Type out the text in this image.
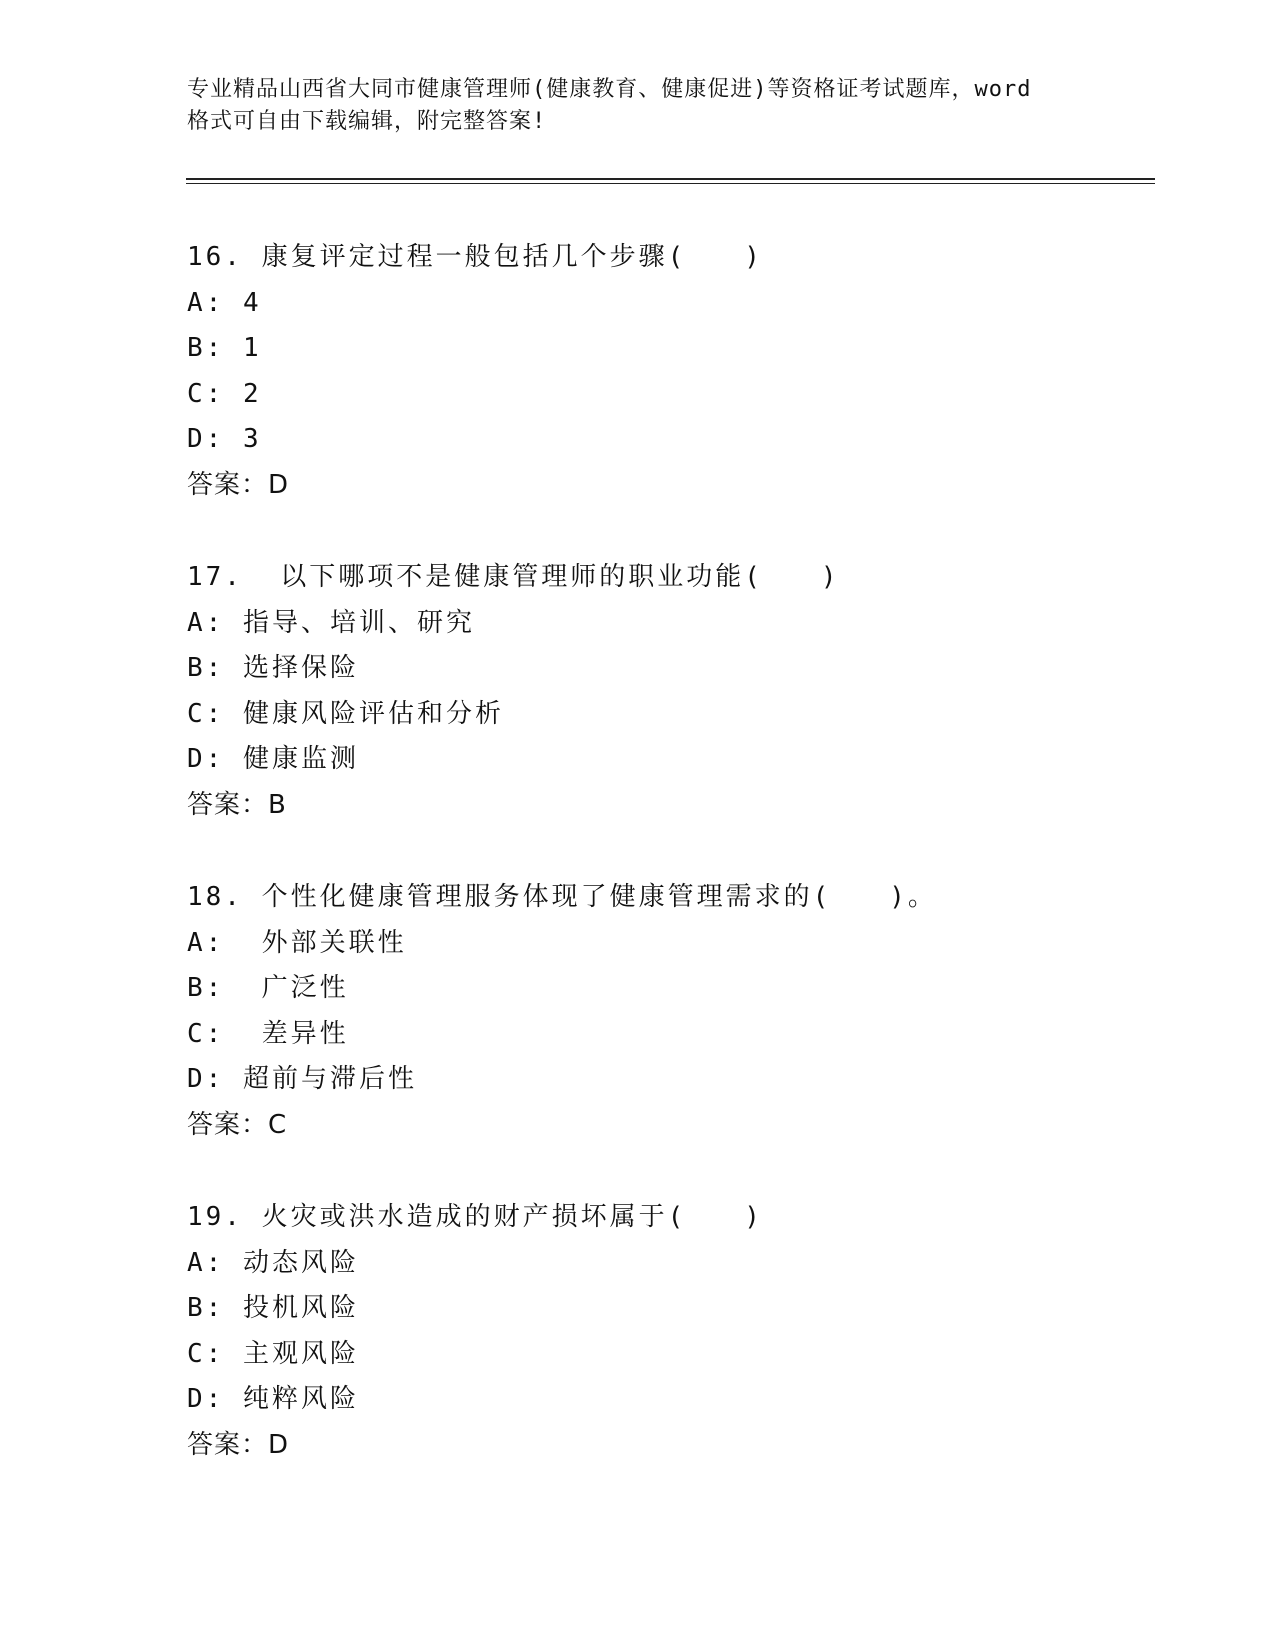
专业精品山西省大同市健康管理师(健康教育、健康促进)等资格证考试题库，word
格式可自由下载编辑，附完整答案!
16. 康复评定过程一般包括几个步骤(　　)
A: 4
B: 1
C: 2
D: 3
答案：D
17.  以下哪项不是健康管理师的职业功能(　　)
A: 指导、培训、研究
B: 选择保险
C: 健康风险评估和分析
D: 健康监测
答案：B
18. 个性化健康管理服务体现了健康管理需求的(　　)。
A:  外部关联性
B:  广泛性
C:  差异性
D: 超前与滞后性
答案：C
19. 火灾或洪水造成的财产损坏属于(　　)
A: 动态风险
B: 投机风险
C: 主观风险
D: 纯粹风险
答案：D
